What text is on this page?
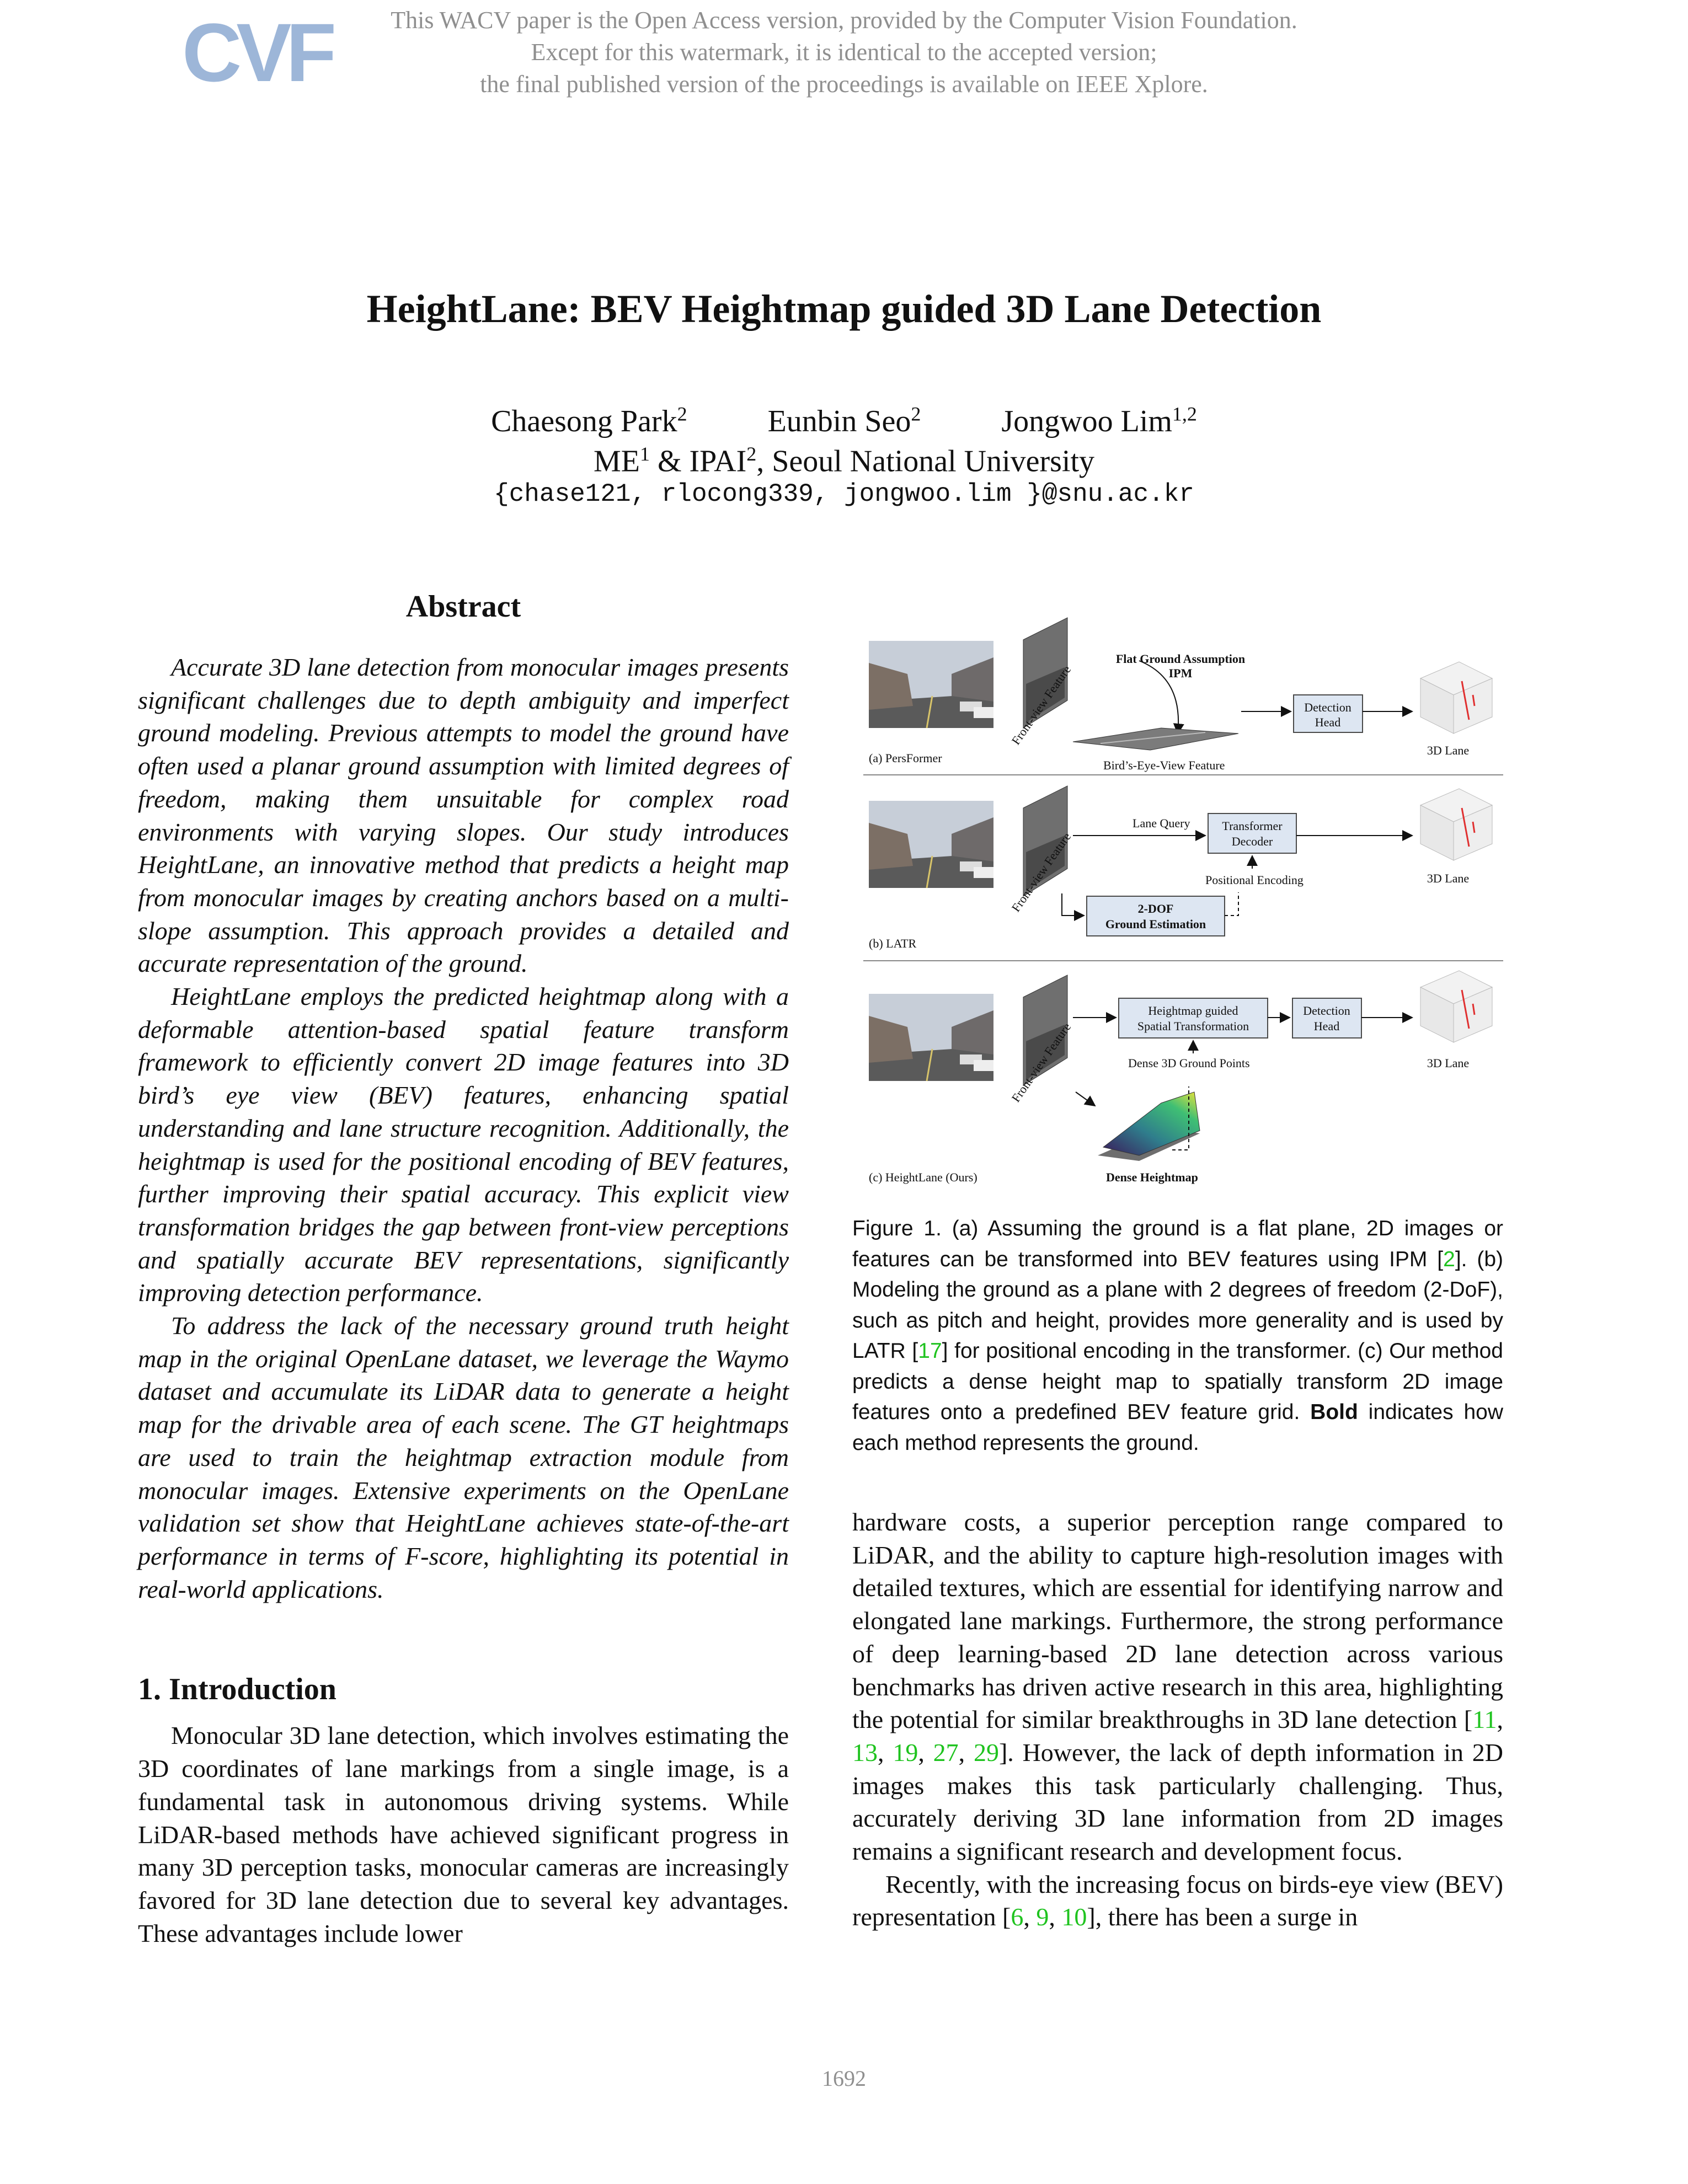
CVF	This WACV paper is the Open Access version, provided by the Computer Vision Foundation.
Except for this watermark, it is identical to the accepted version;
the final published version of the proceedings is available on IEEE Xplore.
HeightLane: BEV Heightmap guided 3D Lane Detection
Chaesong Park$^2$	Eunbin Seo$^2$	Jongwoo Lim$^{1,2}$
$ME^1$ & IPAI$^2$, Seoul National University
{chase121, rlocong339, jongwoo.lim }@snu.ac.kr
Abstract

Accurate 3D lane detection from monocular images presents significant challenges due to depth ambiguity and imperfect ground modeling. Previous attempts to model the ground have often used a planar ground assumption with limited degrees of freedom, making them unsuitable for complex road environments with varying slopes. Our study introduces HeightLane, an innovative method that predicts a height map from monocular images by creating anchors based on a multi-slope assumption. This approach provides a detailed and accurate representation of the ground.

HeightLane employs the predicted heightmap along with a deformable attention-based spatial feature transform framework to efficiently convert 2D image features into 3D bird’s eye view (BEV) features, enhancing spatial understanding and lane structure recognition. Additionally, the heightmap is used for the positional encoding of BEV features, further improving their spatial accuracy. This explicit view transformation bridges the gap between front-view perceptions and spatially accurate BEV representations, significantly improving detection performance.

To address the lack of the necessary ground truth height map in the original OpenLane dataset, we leverage the Waymo dataset and accumulate its LiDAR data to generate a height map for the drivable area of each scene. The GT heightmaps are used to train the heightmap extraction module from monocular images. Extensive experiments on the OpenLane validation set show that HeightLane achieves state-of-the-art performance in terms of F-score, highlighting its potential in real-world applications.

1. Introduction

Monocular 3D lane detection, which involves estimating the 3D coordinates of lane markings from a single image, is a fundamental task in autonomous driving systems. While LiDAR-based methods have achieved significant progress in many 3D perception tasks, monocular cameras are increasingly favored for 3D lane detection due to several key advantages. These advantages include lower

Front-view Feature
Flat Ground Assumption
IPM
Bird’s-Eye-View Feature
Detection
Head
(a) PersFormer
3D Lane
Front-view Feature
Lane Query	Transformer
Decoder
Positional Encoding
2-DOF
Ground Estimation
(b) LATR
3D Lane
Front-view Feature
Heightmap guided
Spatial Transformation
Detection
Head
Dense 3D Ground Points
Dense Heightmap
(c) HeightLane (Ours)
3D Lane

Figure 1. (a) Assuming the ground is a flat plane, 2D images or features can be transformed into BEV features using IPM [2]. (b) Modeling the ground as a plane with 2 degrees of freedom (2-DoF), such as pitch and height, provides more generality and is used by LATR [17] for positional encoding in the transformer. (c) Our method predicts a dense height map to spatially transform 2D image features onto a predefined BEV feature grid. Bold indicates how each method represents the ground.

hardware costs, a superior perception range compared to LiDAR, and the ability to capture high-resolution images with detailed textures, which are essential for identifying narrow and elongated lane markings. Furthermore, the strong performance of deep learning-based 2D lane detection across various benchmarks has driven active research in this area, highlighting the potential for similar breakthroughs in 3D lane detection [11, 13, 19, 27, 29]. However, the lack of depth information in 2D images makes this task particularly challenging. Thus, accurately deriving 3D lane information from 2D images remains a significant research and development focus.

Recently, with the increasing focus on birds-eye view (BEV) representation [6, 9, 10], there has been a surge in

1692
